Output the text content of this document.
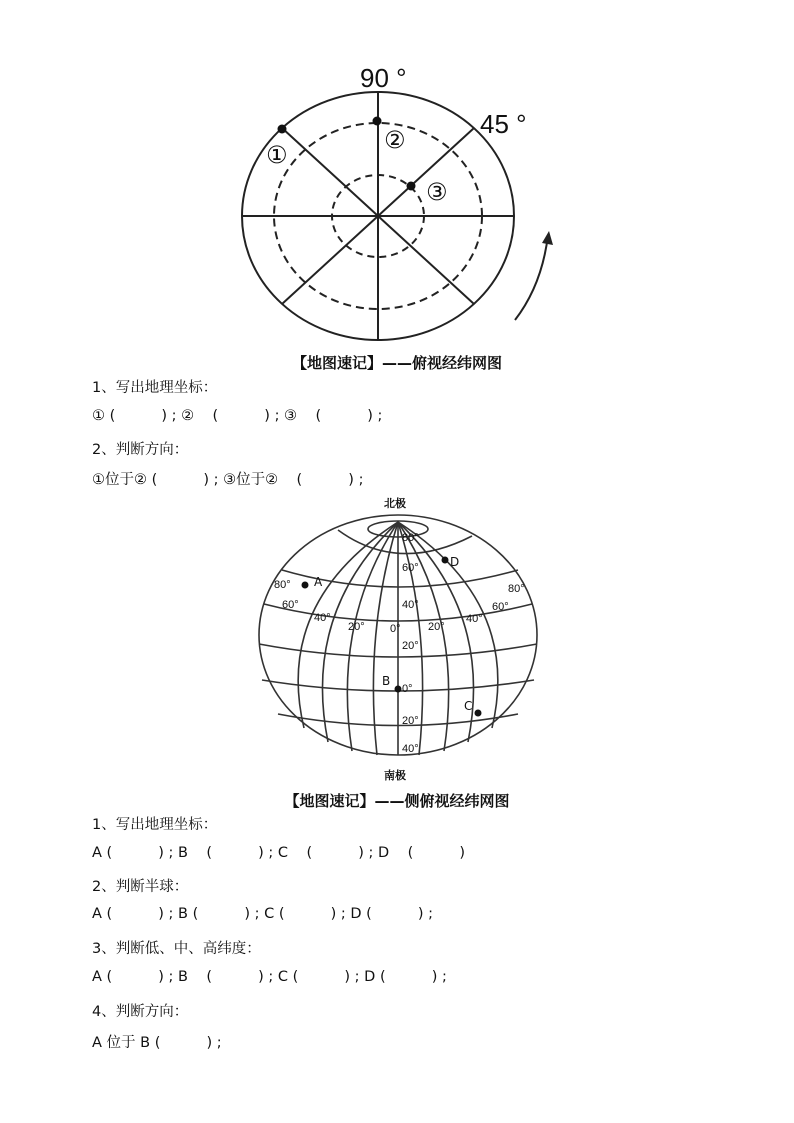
90 °
45 °
①
②
③
【地图速记】——俯视经纬网图
1、写出地理坐标：
① (          ) ; ②    (          ) ; ③    (          ) ;
2、判断方向：
①位于② (          ) ; ③位于②    (          ) ;
北极
南极
A
B
C
D
80°
60°
40°
20°
0°
20°
40°
60°
80°
40°
20° 0° 20°
40°
60°
80°
【地图速记】——侧俯视经纬网图
1、写出地理坐标：
A (          ) ; B    (          ) ; C    (          ) ; D    (          )
2、判断半球：
A (          ) ; B (          ) ; C (          ) ; D (          ) ;
3、判断低、中、高纬度：
A (          ) ; B    (          ) ; C (          ) ; D (          ) ;
4、判断方向：
A 位于 B (          ) ;
